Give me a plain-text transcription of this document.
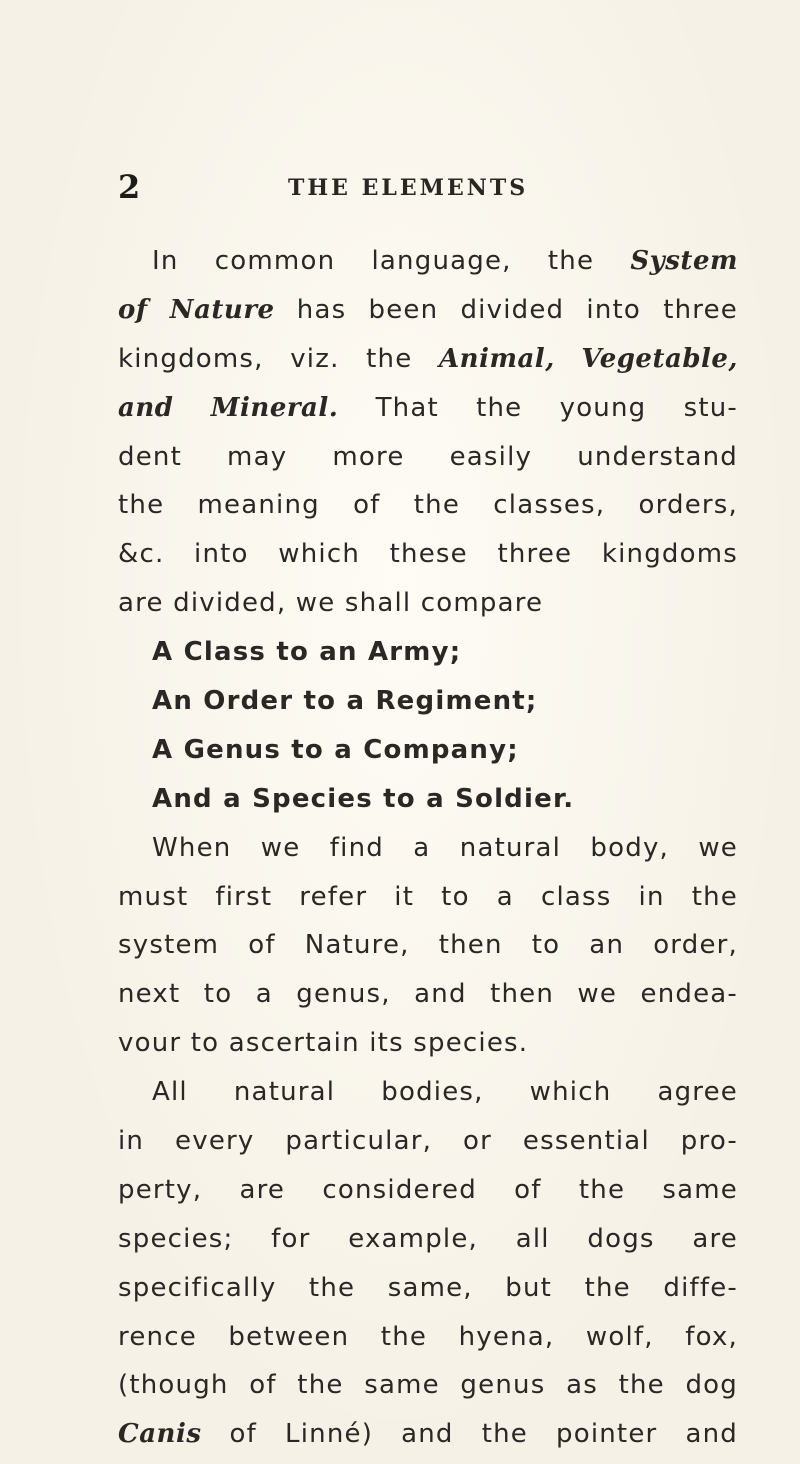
2	THE ELEMENTS
In common language, the System
of Nature has been divided into three
kingdoms, viz. the Animal, Vegetable,
and Mineral. That the young stu-
dent may more easily understand
the meaning of the classes, orders,
&c. into which these three kingdoms
are divided, we shall compare
A Class to an Army;
An Order to a Regiment;
A Genus to a Company;
And a Species to a Soldier.
When we find a natural body, we
must first refer it to a class in the
system of Nature, then to an order,
next to a genus, and then we endea-
vour to ascertain its species.
All natural bodies, which agree
in every particular, or essential pro-
perty, are considered of the same
species; for example, all dogs are
specifically the same, but the diffe-
rence between the hyena, wolf, fox,
(though of the same genus as the dog
Canis of Linné) and the pointer and
